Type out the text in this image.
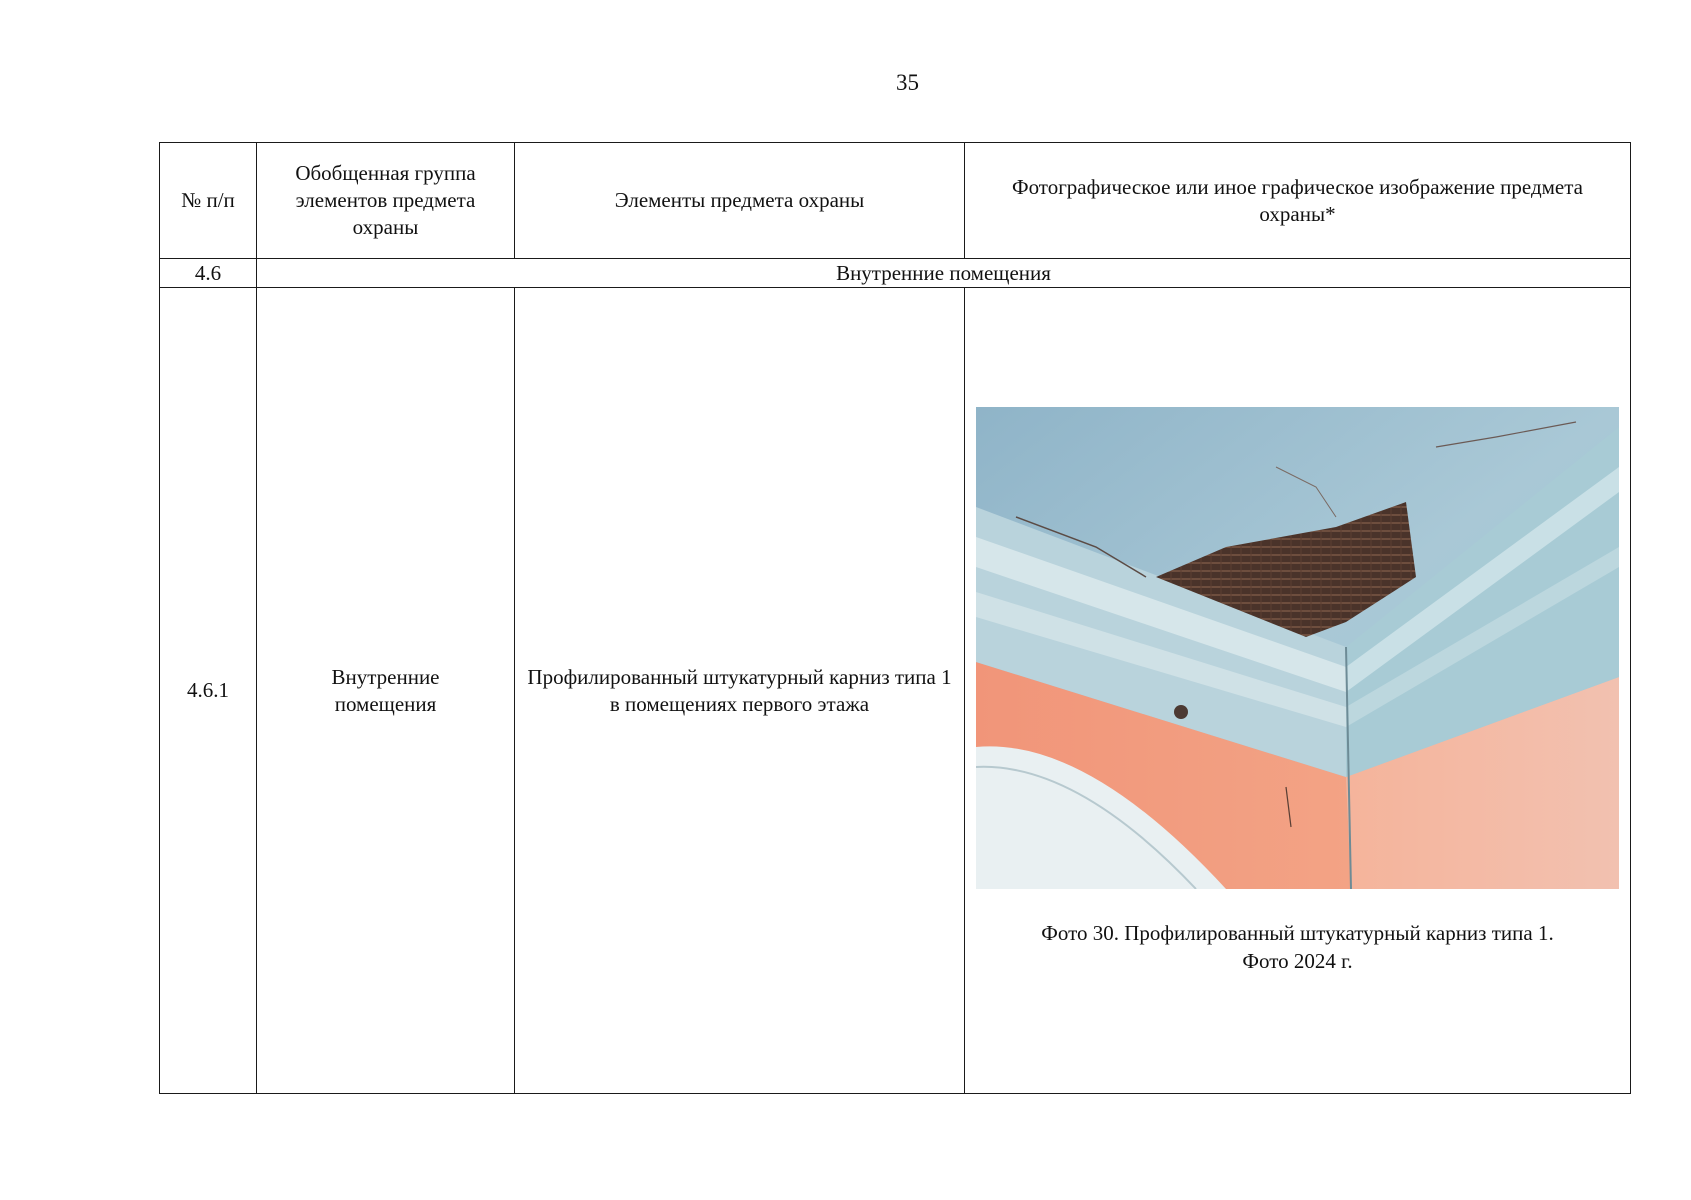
35
№ п/п	Обобщенная группа элементов предмета охраны	Элементы предмета охраны	Фотографическое или иное графическое изображение предмета охраны*
4.6	Внутренние помещения		
4.6.1	Внутренние помещения	Профилированный штукатурный карниз типа 1 в помещениях первого этажа	Фото 30. Профилированный штукатурный карниз типа 1.
Фото 2024 г.
